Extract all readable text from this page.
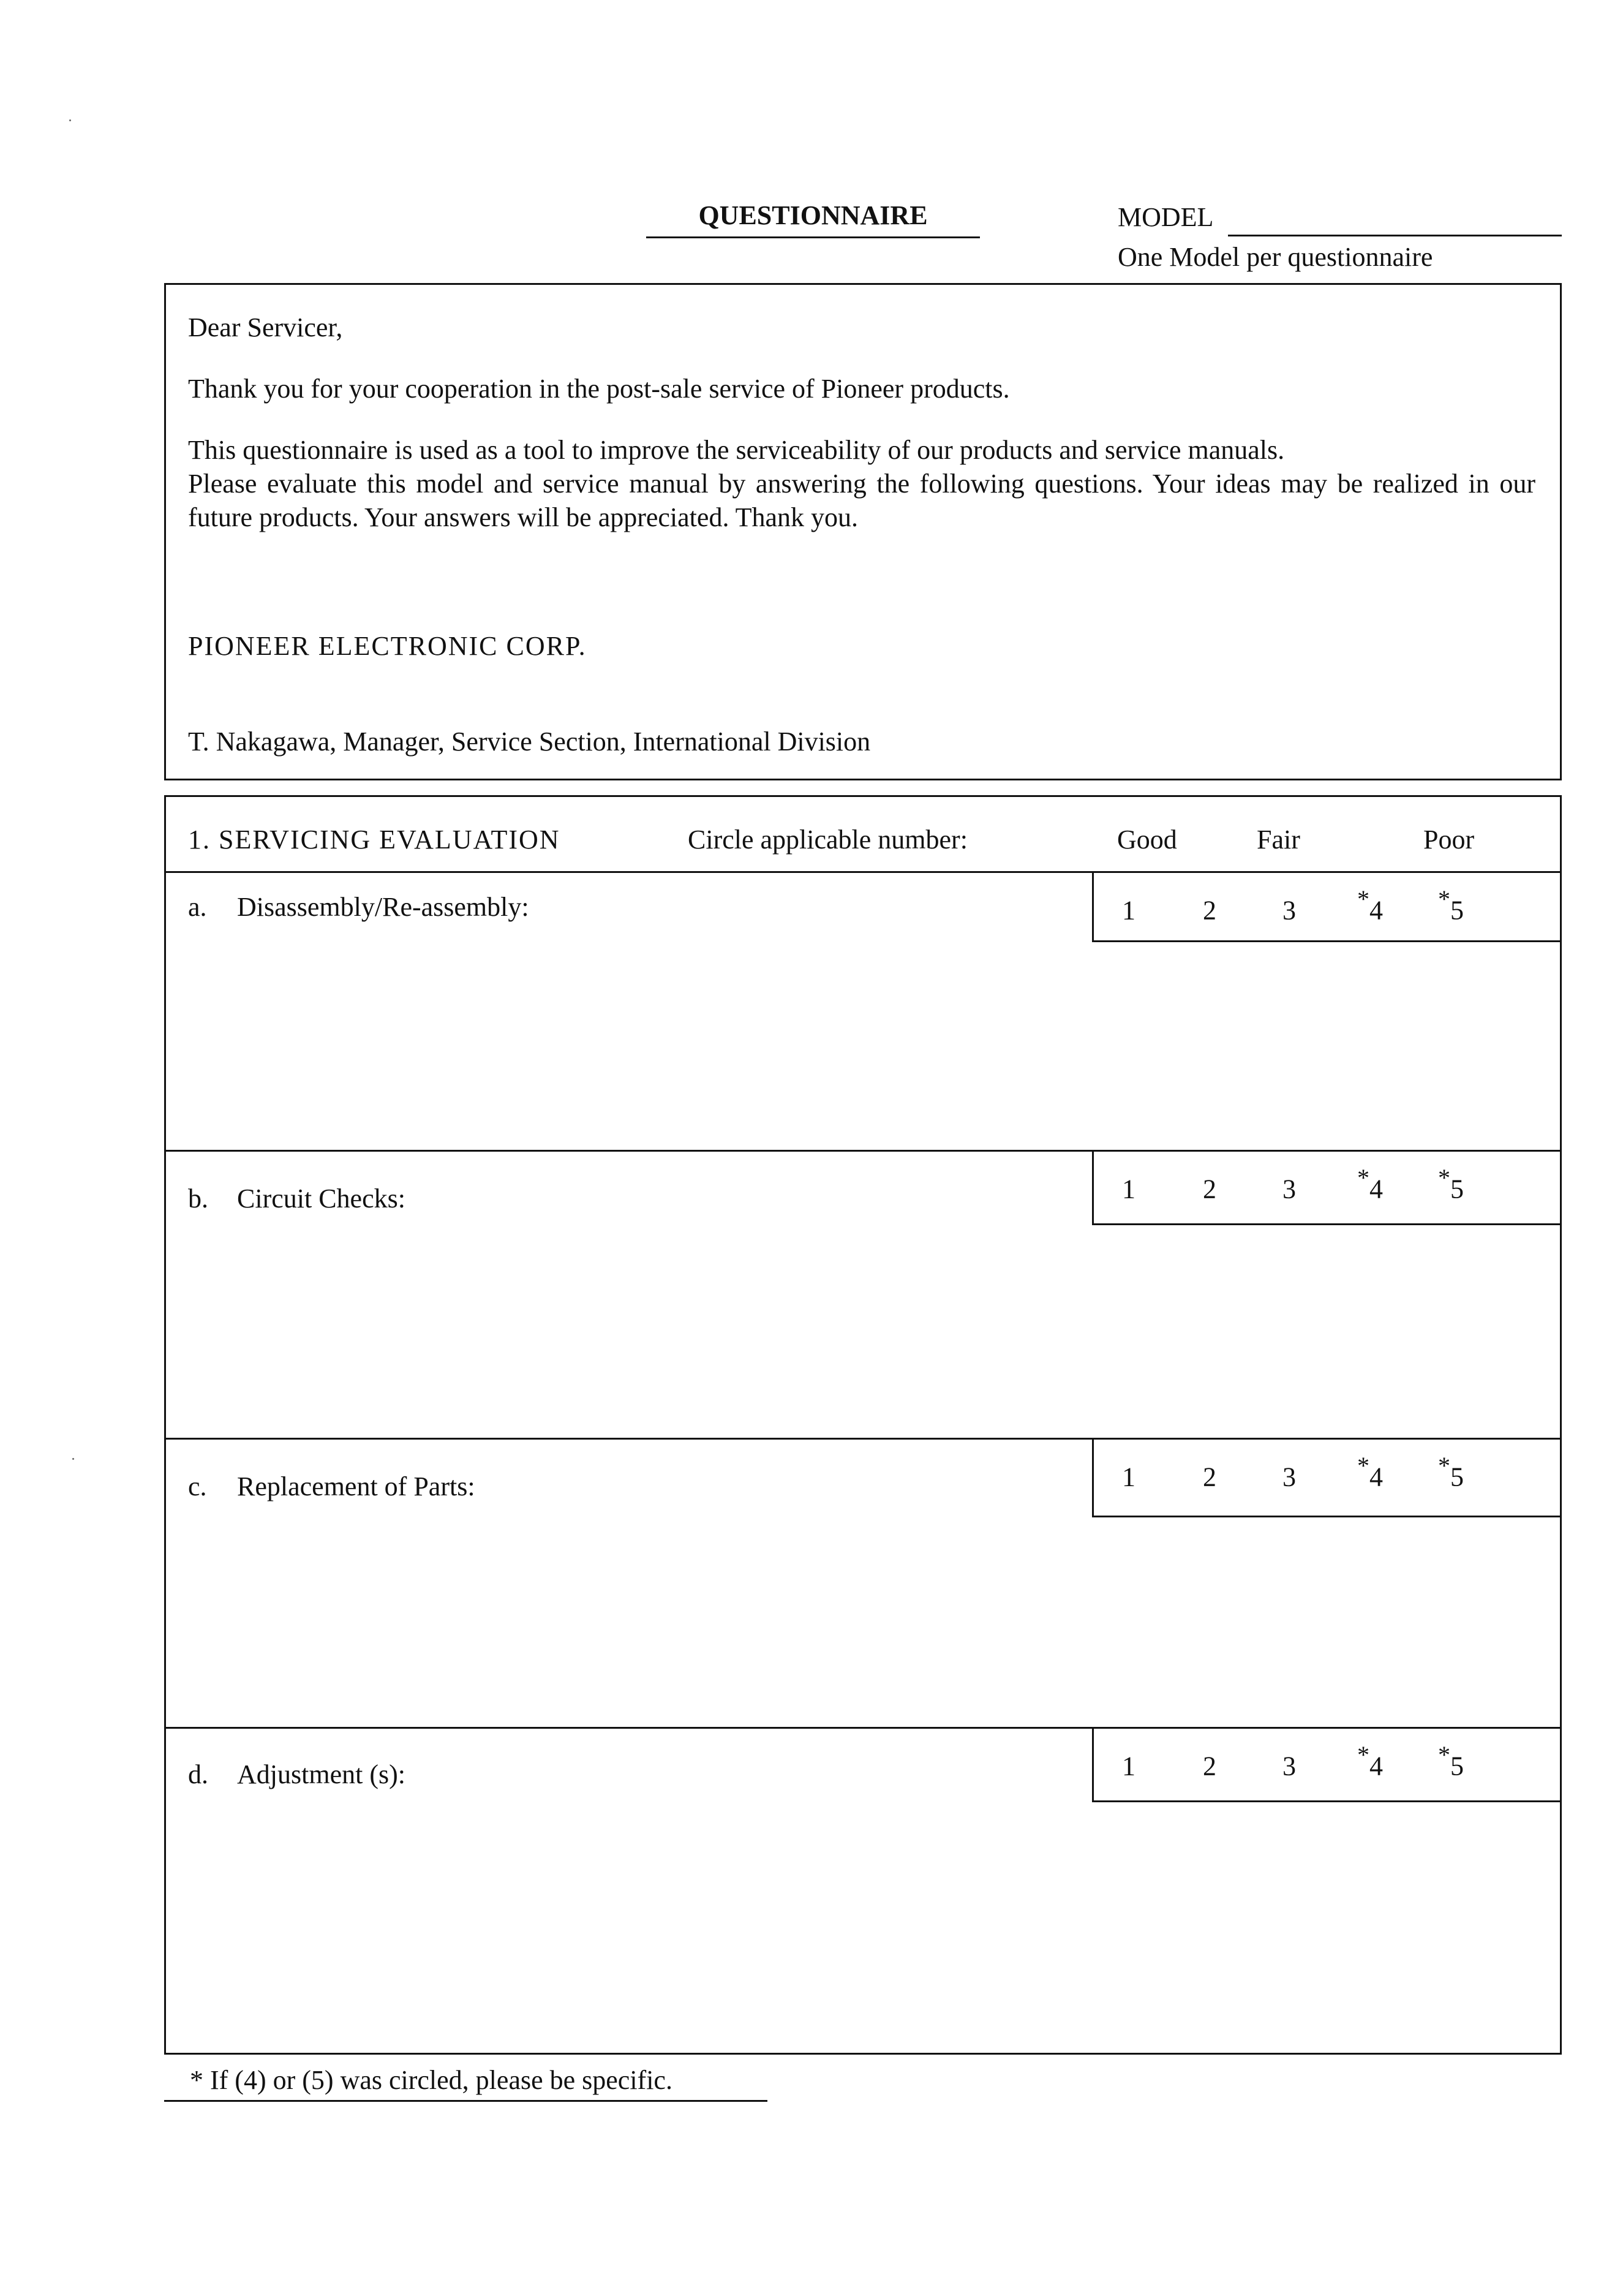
QUESTIONNAIRE	MODEL
One Model per questionnaire
Dear Servicer,
Thank you for your cooperation in the post-sale service of Pioneer products.
This questionnaire is used as a tool to improve the serviceability of our products and service manuals.
Please evaluate this model and service manual by answering the following questions. Your ideas may be realized in our future products. Your answers will be appreciated. Thank you.
PIONEER ELECTRONIC CORP.
T. Nakagawa, Manager, Service Section, International Division
1. SERVICING EVALUATION	Circle applicable number:	Good	Fair	Poor
a. Disassembly/Re-assembly:	1	2 3	*4 *5
b. Circuit Checks:	1	2 3	*4 *5
c. Replacement of Parts:	1	2 3	*4 *5
d. Adjustment (s):	1	2 3	*4 *5
* If (4) or (5) was circled, please be specific.
